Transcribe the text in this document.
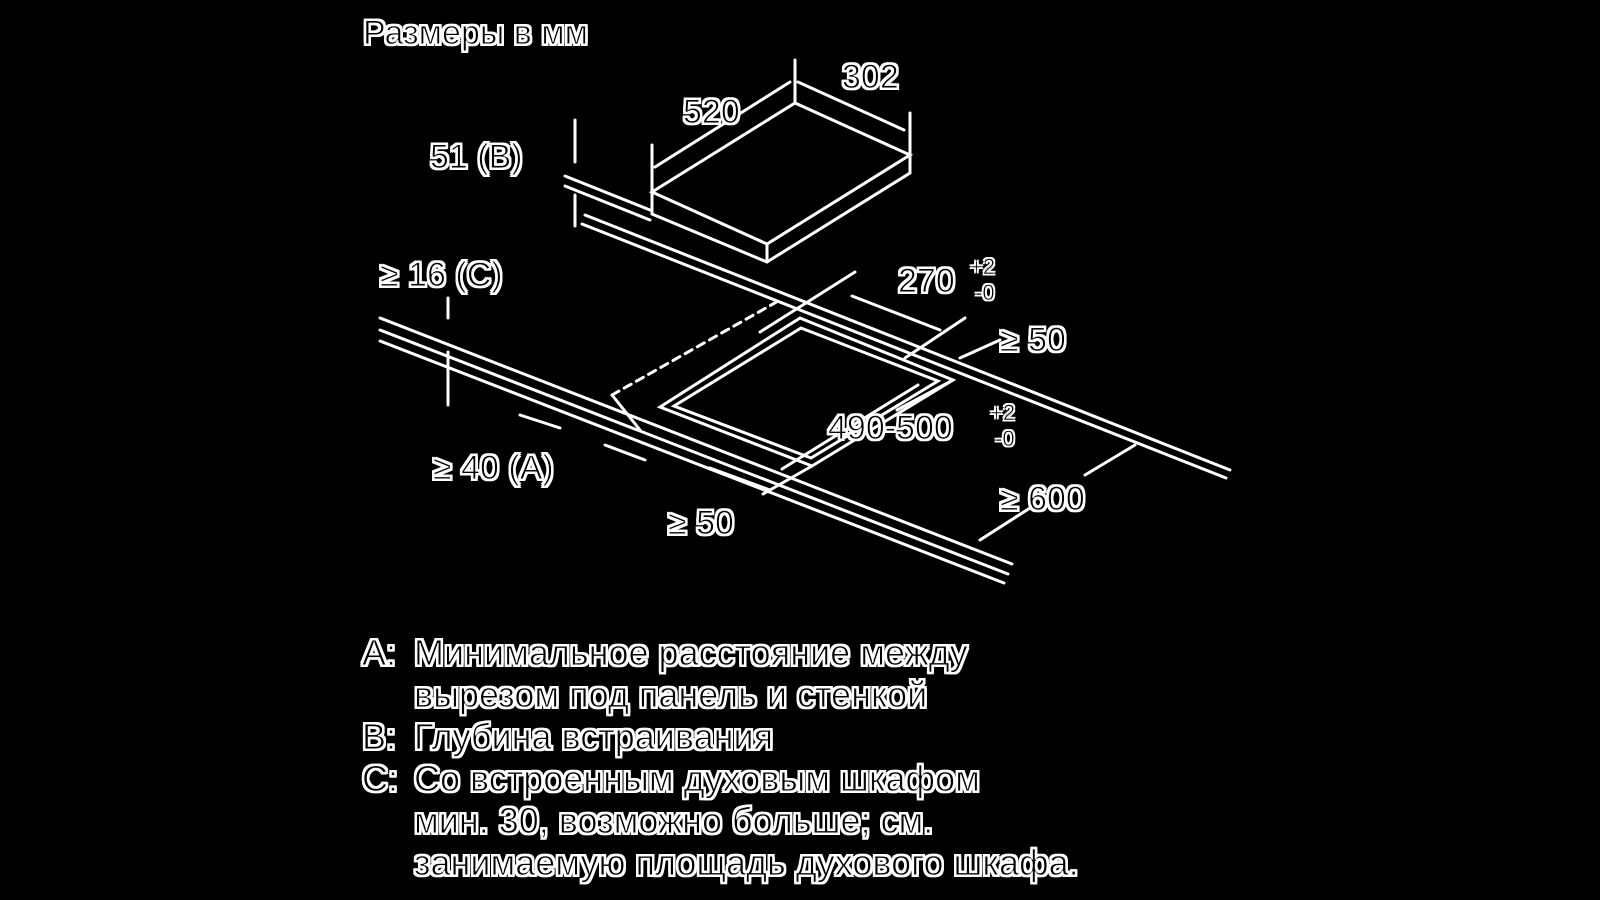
Размеры в мм
302
520
51 (B)
≥ 16 (C)	270 +2
-0
≥ 50
490-500 +2
-0
≥ 40 (A)
≥ 600
≥ 50
A: Минимальное расстояние между
вырезом под панель и стенкой
B: Глубина встраивания
C: Со встроенным духовым шкафом
мин. 30, возможно больше; см.
занимаемую площадь духового шкафа.
